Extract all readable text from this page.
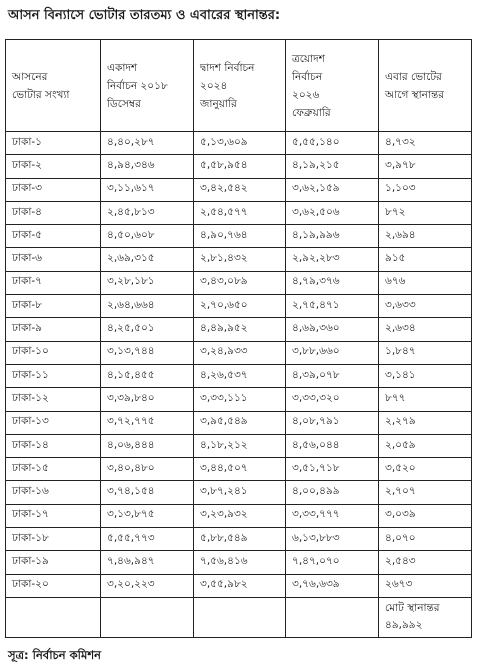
আসন বিন্যাসে ভোটার তারতম্য ও এবারের স্থানান্তর:
আসনের
ভোটার সংখ্যা	একাদশ
নির্বাচন ২০১৮
ডিসেম্বর	দ্বাদশ নির্বাচন
২০২৪
জানুয়ারি	ত্রয়োদশ
নির্বাচন
২০২৬
ফেব্রুয়ারি	এবার ভোটের
আগে স্থানান্তর
ঢাকা-১	৪,৪০,২৮৭	৫,১৩,৬০৯	৫,৫৫,১৪০	৪,৭৩২
ঢাকা-২	৪,৯৪,৩৪৬	৫,৫৮,৯৫৪	৪,১৯,২১৫	৩,৯৭৮
ঢাকা-৩	৩,১১,৬১৭	৩,৪২,৫৪২	৩,৬২,১৫৯	১,১০৩
ঢাকা-৪	২,৪৫,৮১৩	২,৫৪,৫৭৭	৩,৬২,৫০৬	৮৭২
ঢাকা-৫	৪,৫০,৬০৮	৪,৯০,৭৬৪	৪,১৯,৯৯৬	২,৬৯৪
ঢাকা-৬	২,৬৯,৩১৫	২,৮১,৪৩২	২,৯২,২৮৩	৯১৫
ঢাকা-৭	৩,২৮,১৮১	৩,৪৩,০৮৯	৪,৭৯,৩৭৬	৬৭৬
ঢাকা-৮	২,৬৪,৬৬৪	২,৭০,৬৫০	২,৭৫,৪৭১	৩,৬৩৩
ঢাকা-৯	৪,২৫,৫০১	৪,৪৯,৯৫২	৪,৬৯,৩৬০	২,৬৩৪
ঢাকা-১০	৩,১৩,৭৪৪	৩,২৪,৯৩৩	৩,৮৮,৬৬০	১,৮৪৭
ঢাকা-১১	৪,১৫,৪৫৫	৪,২৬,৫৩৭	৪,৩৯,০৭৮	৩,১৪১
ঢাকা-১২	৩,৩৯,৮৪০	৩,৩৩,১১১	৩,৩৩,৩২০	৮৭৭
ঢাকা-১৩	৩,৭২,৭৭৫	৩,৯৫,৫৪৯	৪,০৮,৭৯১	২,২৭৯
ঢাকা-১৪	৪,০৬,৪৪৪	৪,১৮,২১২	৪,৫৬,০৪৪	২,০৫৯
ঢাকা-১৫	৩,৪০,৪৮০	৩,৪৪,৫০৭	৩,৫১,৭১৮	৩,৫২০
ঢাকা-১৬	৩,৭৪,১৫৪	৩,৮৭,২৪১	৪,০০,৪৯৯	২,৭০৭
ঢাকা-১৭	৩,১৩,৮৭৫	৩,২৩,৯৩২	৩,৩৩,৭৭৭	৩,০৩৯
ঢাকা-১৮	৫,৫৫,৭৭৩	৫,৮৮,৫৪৯	৬,১৩,৮৮৩	৪,০৭০
ঢাকা-১৯	৭,৪৬,৯৪৭	৭,৫৬,৪১৬	৭,৪৭,০৭০	২,৫৪৩
ঢাকা-২০	৩,২০,২২৩	৩,৫৫,৯৮২	৩,৭৬,৬৩৯	২৬৭৩
				মোট স্থানান্তর
৪৯,৯৯২
সূত্র: নির্বাচন কমিশন
